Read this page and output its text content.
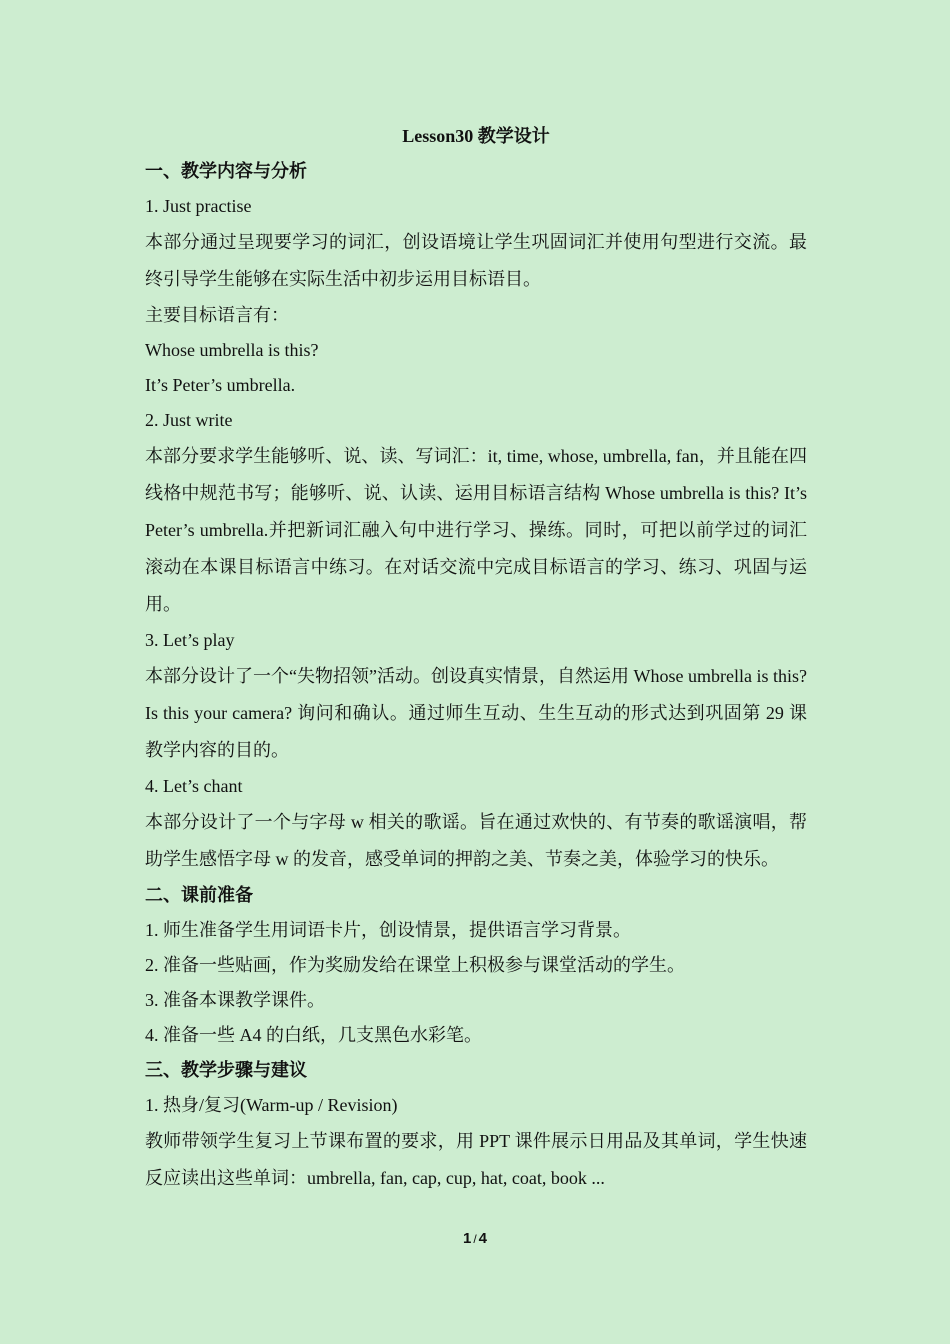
Lesson30 教学设计

一、教学内容与分析

1. Just practise

本部分通过呈现要学习的词汇，创设语境让学生巩固词汇并使用句型进行交流。最终引导学生能够在实际生活中初步运用目标语目。

主要目标语言有：

Whose umbrella is this?

It’s Peter’s umbrella.

2. Just write

本部分要求学生能够听、说、读、写词汇：it, time, whose, umbrella, fan，并且能在四线格中规范书写；能够听、说、认读、运用目标语言结构 Whose umbrella is this? It’s Peter’s umbrella.并把新词汇融入句中进行学习、操练。同时，可把以前学过的词汇滚动在本课目标语言中练习。在对话交流中完成目标语言的学习、练习、巩固与运用。

3. Let’s play

本部分设计了一个“失物招领”活动。创设真实情景，自然运用 Whose umbrella is this? Is this your camera? 询问和确认。通过师生互动、生生互动的形式达到巩固第 29 课教学内容的目的。

4. Let’s chant

本部分设计了一个与字母 w 相关的歌谣。旨在通过欢快的、有节奏的歌谣演唱，帮助学生感悟字母 w 的发音，感受单词的押韵之美、节奏之美，体验学习的快乐。

二、课前准备

1. 师生准备学生用词语卡片，创设情景，提供语言学习背景。

2. 准备一些贴画，作为奖励发给在课堂上积极参与课堂活动的学生。

3. 准备本课教学课件。

4. 准备一些 A4 的白纸，几支黑色水彩笔。

三、教学步骤与建议

1. 热身/复习(Warm-up / Revision)

教师带领学生复习上节课布置的要求，用 PPT 课件展示日用品及其单词，学生快速反应读出这些单词：umbrella, fan, cap, cup, hat, coat, book ...

1 / 4
